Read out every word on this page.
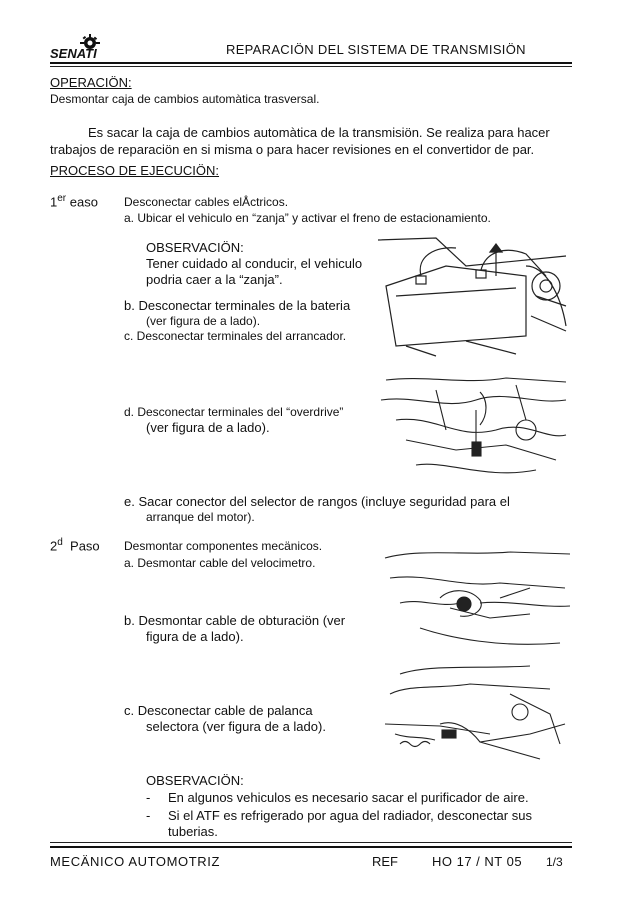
SENATI	REPARACIÖN DEL SISTEMA DE TRANSMISIÖN
OPERACIÖN:
Desmontar caja de cambios automàtica trasversal.
Es sacar la caja de cambios automàtica de la transmisiön. Se realiza para hacer
trabajos de reparaciön en si misma o para hacer revisiones en el convertidor de par.
PROCESO DE EJECUCIÖN:
1er easo Desconectar cables elÅctricos.
a. Ubicar el vehiculo en “zanja” y activar el freno de estacionamiento.
OBSERVACIÖN:
Tener cuidado al conducir, el vehiculo
podria caer a la “zanja”.
b. Desconectar terminales de la bateria
(ver figura de a lado).
c. Desconectar terminales del arrancador.
d. Desconectar terminales del “overdrive”
(ver figura de a lado).
e. Sacar conector del selector de rangos (incluye seguridad para el
arranque del motor).
2$^d$ Paso Desmontar componentes mecänicos.
a. Desmontar cable del velocimetro.
b. Desmontar cable de obturaciön (ver
figura de a lado).
c. Desconectar cable de palanca
selectora (ver figura de a lado).
OBSERVACIÖN:
- En algunos vehiculos es necesario sacar el purificador de aire.
- Si el ATF es refrigerado por agua del radiador, desconectar sus
tuberias.
MECÄNICO AUTOMOTRIZ	REF	HO 17 / NT 05 1/3
